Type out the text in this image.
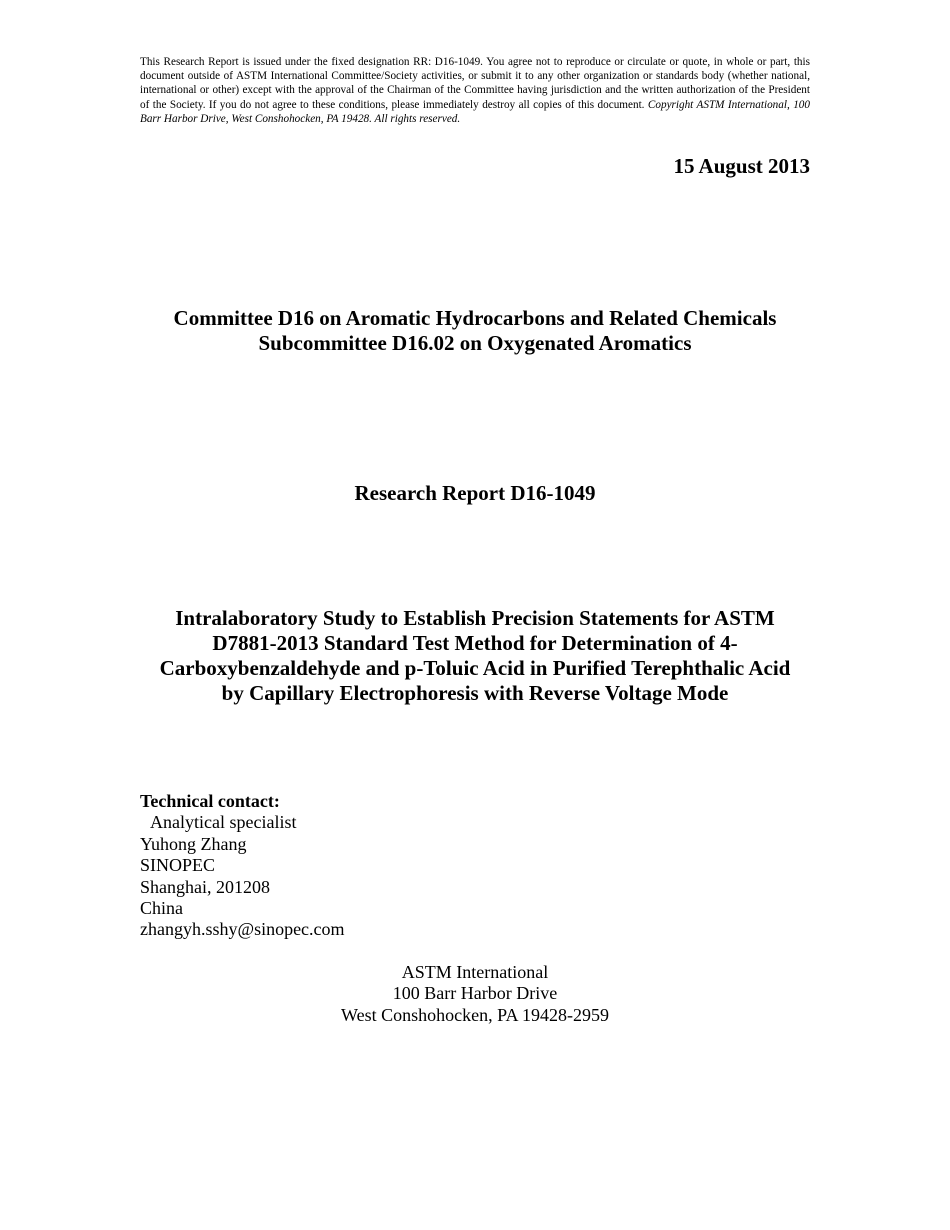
This Research Report is issued under the fixed designation RR: D16-1049. You agree not to reproduce or circulate or quote, in whole or part, this document outside of ASTM International Committee/Society activities, or submit it to any other organization or standards body (whether national, international or other) except with the approval of the Chairman of the Committee having jurisdiction and the written authorization of the President of the Society. If you do not agree to these conditions, please immediately destroy all copies of this document. Copyright ASTM International, 100 Barr Harbor Drive, West Conshohocken, PA 19428. All rights reserved.
15 August 2013
Committee D16 on Aromatic Hydrocarbons and Related Chemicals
Subcommittee D16.02 on Oxygenated Aromatics
Research Report D16-1049
Intralaboratory Study to Establish Precision Statements for ASTM
D7881-2013 Standard Test Method for Determination of 4-
Carboxybenzaldehyde and p-Toluic Acid in Purified Terephthalic Acid
by Capillary Electrophoresis with Reverse Voltage Mode
Technical contact:
Analytical specialist
Yuhong Zhang
SINOPEC
Shanghai, 201208
China
zhangyh.sshy@sinopec.com
ASTM International
100 Barr Harbor Drive
West Conshohocken, PA 19428-2959
